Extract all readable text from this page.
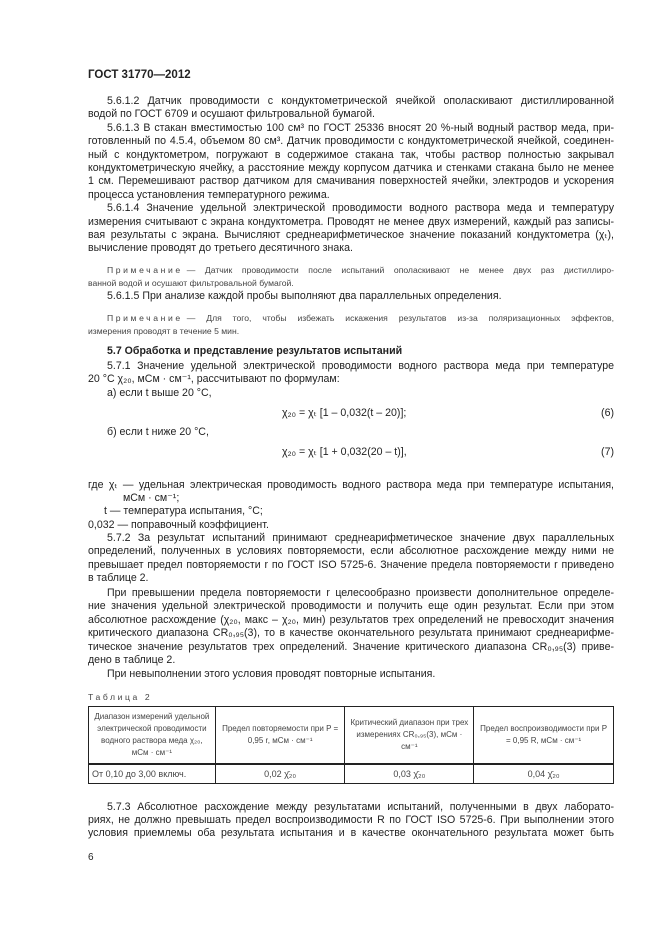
ГОСТ 31770—2012
5.6.1.2 Датчик проводимости с кондуктометрической ячейкой ополаскивают дистиллированной
водой по ГОСТ 6709 и осушают фильтровальной бумагой.
5.6.1.3 В стакан вместимостью 100 см³ по ГОСТ 25336 вносят 20 %-ный водный раствор меда, при-
готовленный по 4.5.4, объемом 80 см³. Датчик проводимости с кондуктометрической ячейкой, соединен-
ный с кондуктометром, погружают в содержимое стакана так, чтобы раствор полностью закрывал
кондуктометрическую ячейку, а расстояние между корпусом датчика и стенками стакана было не менее
1 см. Перемешивают раствор датчиком для смачивания поверхностей ячейки, электродов и ускорения
процесса установления температурного режима.
5.6.1.4 Значение удельной электрической проводимости водного раствора меда и температуру
измерения считывают с экрана кондуктометра. Проводят не менее двух измерений, каждый раз записы-
вая результаты с экрана. Вычисляют среднеарифметическое значение показаний кондуктометра (χₜ),
вычисление проводят до третьего десятичного знака.
Примечание — Датчик проводимости после испытаний ополаскивают не менее двух раз дистиллиро-
ванной водой и осушают фильтровальной бумагой.
5.6.1.5 При анализе каждой пробы выполняют два параллельных определения.
Примечание — Для того, чтобы избежать искажения результатов из-за поляризационных эффектов,
измерения проводят в течение 5 мин.
5.7 Обработка и представление результатов испытаний
5.7.1 Значение удельной электрической проводимости водного раствора меда при температуре
20 °C χ₂₀, мСм · см⁻¹, рассчитывают по формулам:
а) если t выше 20 °C,
χ₂₀ = χₜ [1 – 0,032(t – 20)];	(6)
б) если t ниже 20 °C,
χ₂₀ = χₜ [1 + 0,032(20 – t)],	(7)
где χₜ — удельная электрическая проводимость водного раствора меда при температуре испытания,
мСм · см⁻¹;
t — температура испытания, °C;
0,032 — поправочный коэффициент.
5.7.2 За результат испытаний принимают среднеарифметическое значение двух параллельных
определений, полученных в условиях повторяемости, если абсолютное расхождение между ними не
превышает предел повторяемости r по ГОСТ ISO 5725-6. Значение предела повторяемости r приведено
в таблице 2.
При превышении предела повторяемости r целесообразно произвести дополнительное определе-
ние значения удельной электрической проводимости и получить еще один результат. Если при этом
абсолютное расхождение (χ₂₀, макс – χ₂₀, мин) результатов трех определений не превосходит значения
критического диапазона CR₀,₉₅(3), то в качестве окончательного результата принимают среднеарифме-
тическое значение результатов трех определений. Значение критического диапазона CR₀,₉₅(3) приве-
дено в таблице 2.
При невыполнении этого условия проводят повторные испытания.
Таблица 2
Диапазон измерений удельной электрической проводимости водного раствора меда χ₂₀, мСм · см⁻¹	Предел повторяемости при P = 0,95 r, мСм · см⁻¹	Критический диапазон при трех измерениях CR₀,₉₅(3), мСм · см⁻¹	Предел воспроизводимости при P = 0,95 R, мСм · см⁻¹
От 0,10 до 3,00 включ.	0,02 χ̄₂₀	0,03 χ̄₂₀	0,04 χ̄₂₀
5.7.3 Абсолютное расхождение между результатами испытаний, полученными в двух лаборато-
риях, не должно превышать предел воспроизводимости R по ГОСТ ISO 5725-6. При выполнении этого
условия приемлемы оба результата испытания и в качестве окончательного результата может быть
6
